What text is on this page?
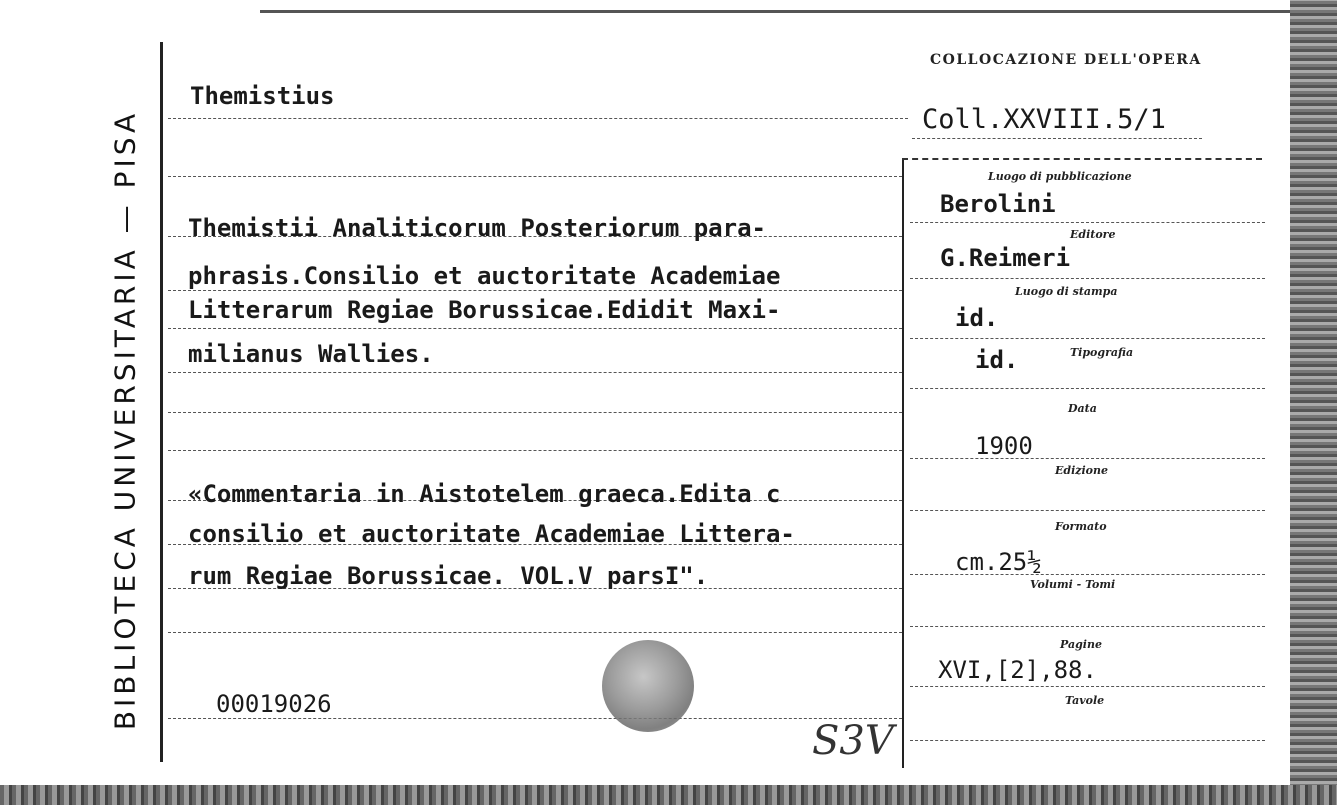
BIBLIOTECA UNIVERSITARIA — PISA
COLLOCAZIONE DELL'OPERA
Themistius
Coll.XXVIII.5/1
Themistii Analiticorum Posteriorum para-
phrasis.Consilio et auctoritate Academiae
Litterarum Regiae Borussicae.Edidit Maxi-
milianus Wallies.
«Commentaria in Aistotelem graeca.Edita c
consilio et auctoritate Academiae Littera-
rum Regiae Borussicae. VOL.V parsI".
00019026
S3V
Luogo di pubblicazione
Berolini
Editore
G.Reimeri
Luogo di stampa
id.
Tipografia
id.
Data
1900
Edizione
Formato
cm.25½
Volumi - Tomi
Pagine
XVI,[2],88.
Tavole
